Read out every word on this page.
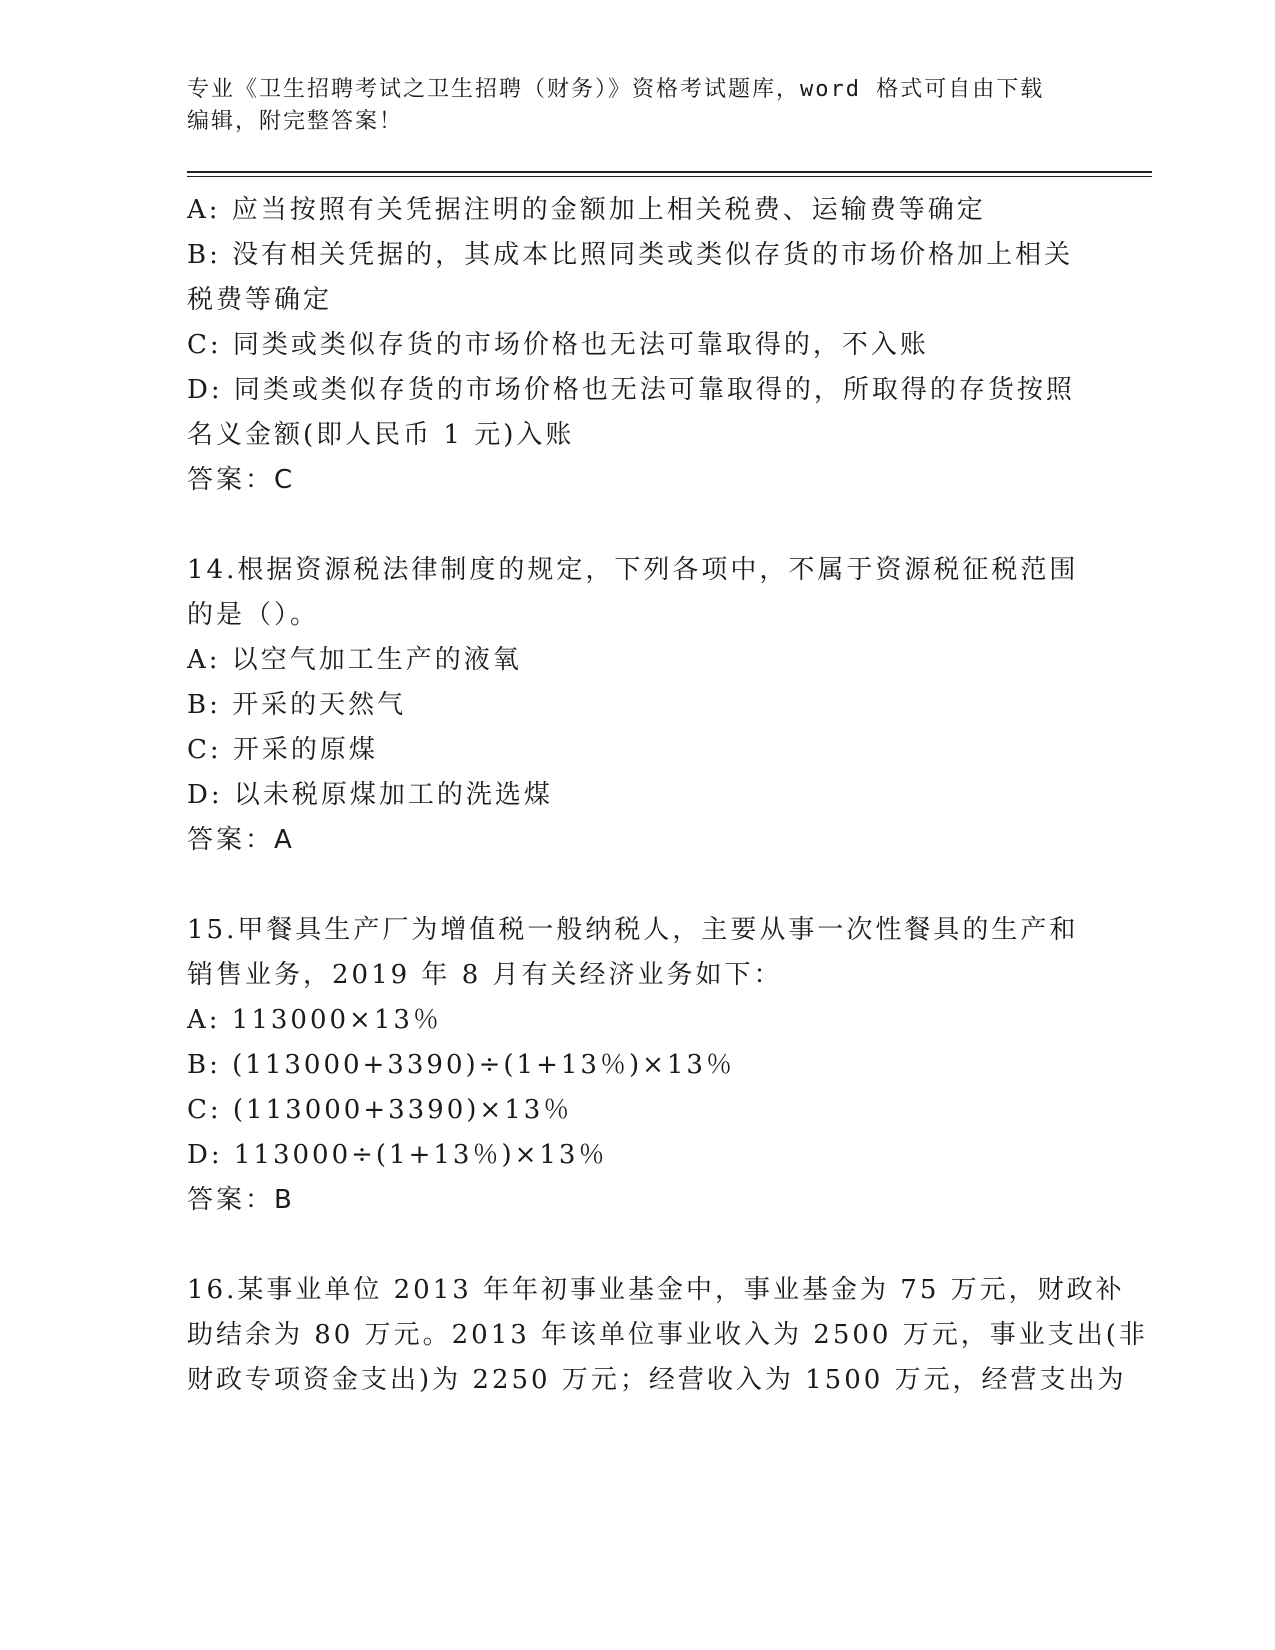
专业《卫生招聘考试之卫生招聘（财务）》资格考试题库，word 格式可自由下载
编辑，附完整答案！
A: 应当按照有关凭据注明的金额加上相关税费、运输费等确定
B: 没有相关凭据的，其成本比照同类或类似存货的市场价格加上相关
税费等确定
C: 同类或类似存货的市场价格也无法可靠取得的，不入账
D: 同类或类似存货的市场价格也无法可靠取得的，所取得的存货按照
名义金额(即人民币 1 元)入账
答案：C
14.根据资源税法律制度的规定，下列各项中，不属于资源税征税范围
的是（）。
A: 以空气加工生产的液氧
B: 开采的天然气
C: 开采的原煤
D: 以未税原煤加工的洗选煤
答案：A
15.甲餐具生产厂为增值税一般纳税人，主要从事一次性餐具的生产和
销售业务，2019 年 8 月有关经济业务如下：
A: 113000×13％
B: (113000+3390)÷(1+13％)×13％
C: (113000+3390)×13％
D: 113000÷(1+13％)×13％
答案：B
16.某事业单位 2013 年年初事业基金中，事业基金为 75 万元，财政补
助结余为 80 万元。2013 年该单位事业收入为 2500 万元，事业支出(非
财政专项资金支出)为 2250 万元；经营收入为 1500 万元，经营支出为
